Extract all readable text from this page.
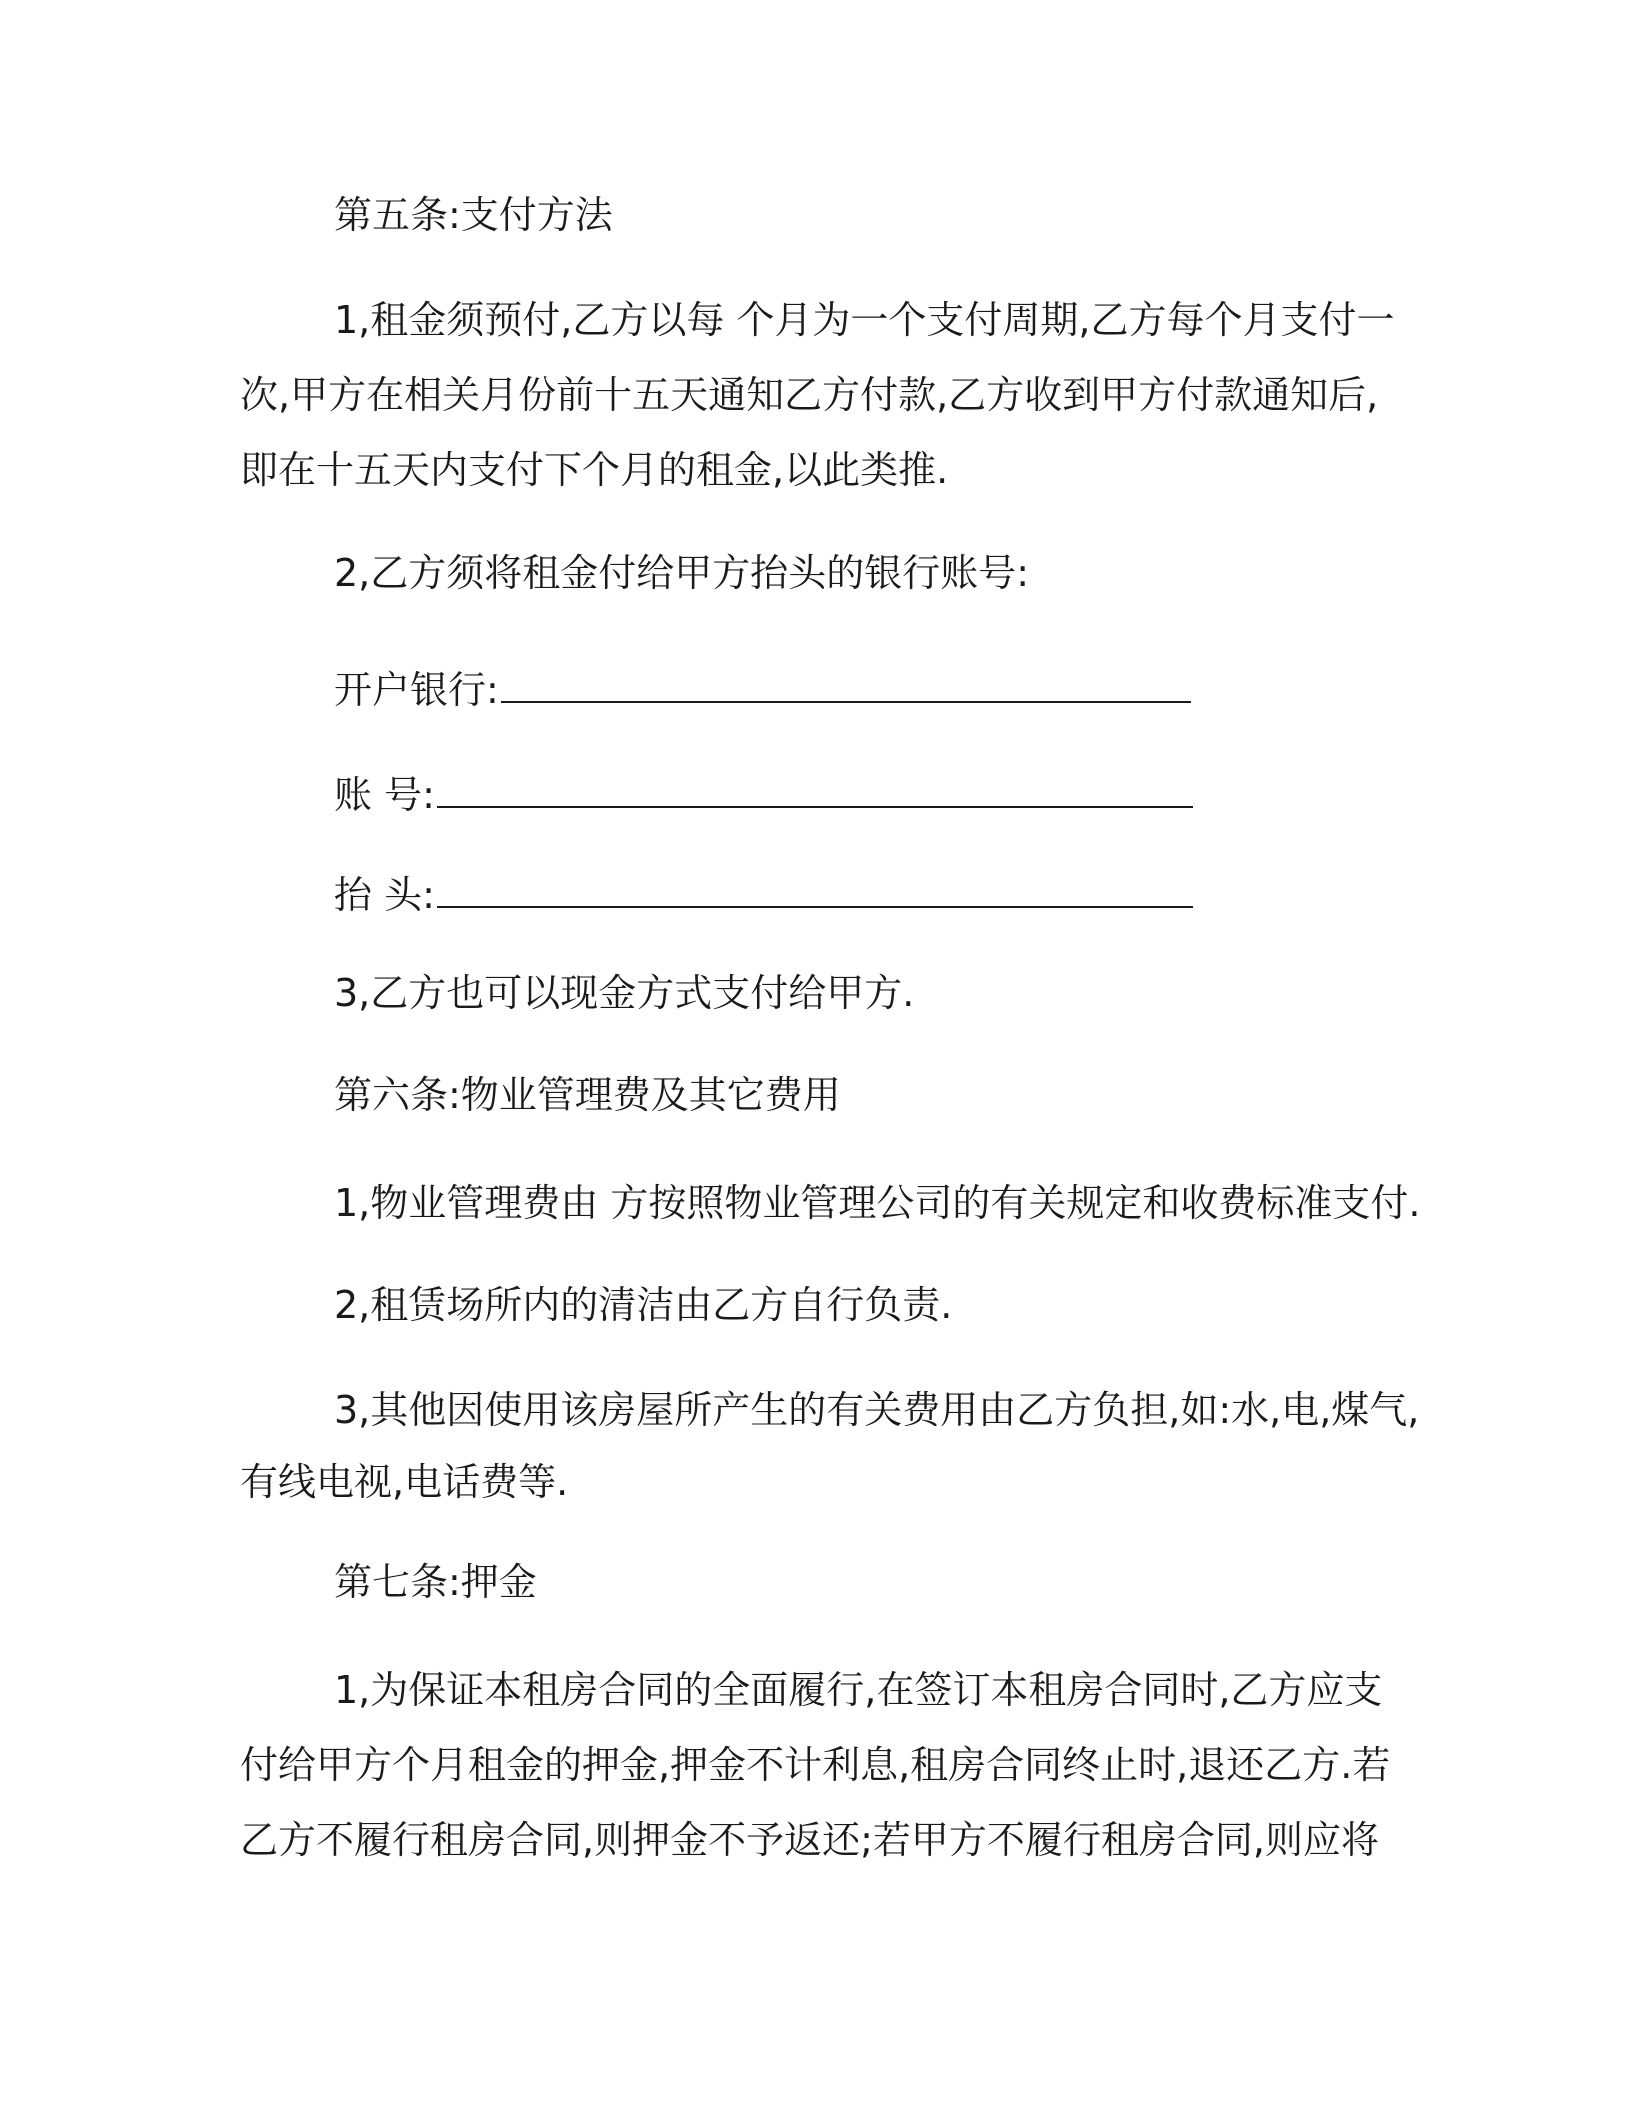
第五条:支付方法
1,租金须预付,乙方以每 个月为一个支付周期,乙方每个月支付一
次,甲方在相关月份前十五天通知乙方付款,乙方收到甲方付款通知后,
即在十五天内支付下个月的租金,以此类推.
2,乙方须将租金付给甲方抬头的银行账号:
开户银行:
账 号:
抬 头:
3,乙方也可以现金方式支付给甲方.
第六条:物业管理费及其它费用
1,物业管理费由 方按照物业管理公司的有关规定和收费标准支付.
2,租赁场所内的清洁由乙方自行负责.
3,其他因使用该房屋所产生的有关费用由乙方负担,如:水,电,煤气,
有线电视,电话费等.
第七条:押金
1,为保证本租房合同的全面履行,在签订本租房合同时,乙方应支
付给甲方个月租金的押金,押金不计利息,租房合同终止时,退还乙方.若
乙方不履行租房合同,则押金不予返还;若甲方不履行租房合同,则应将
